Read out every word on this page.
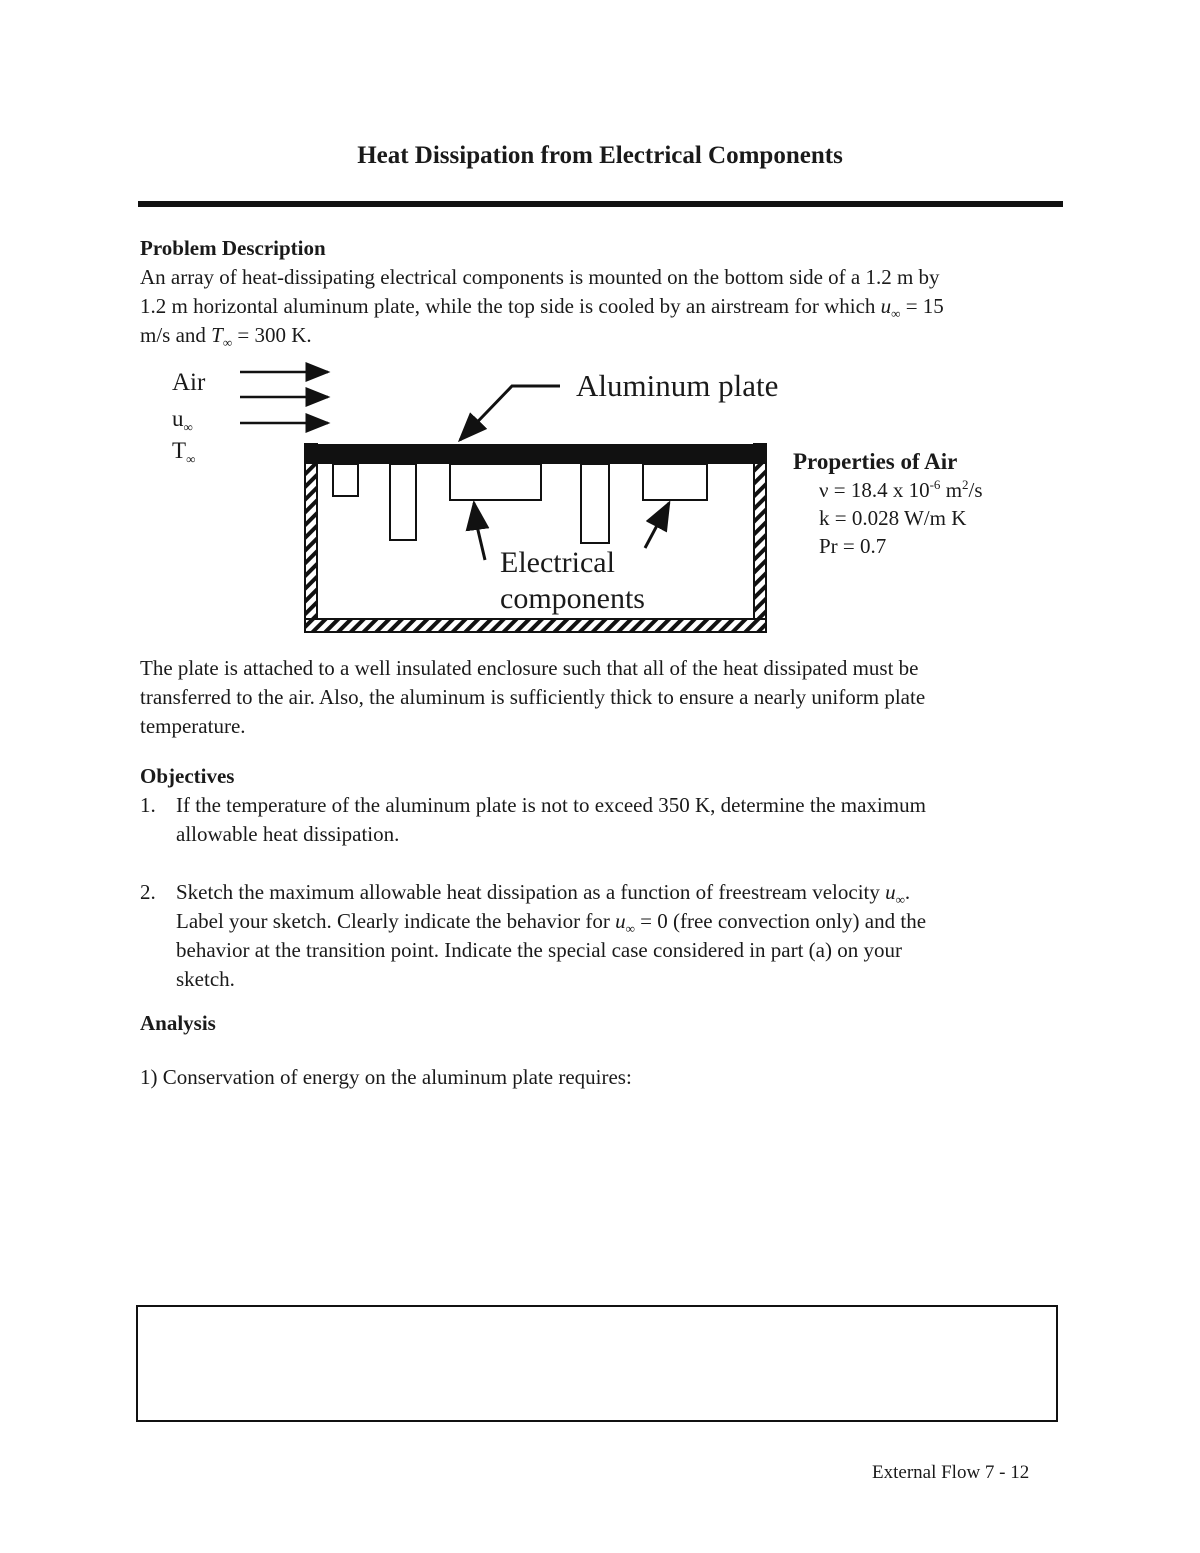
Heat Dissipation from Electrical Components
Problem Description
An array of heat-dissipating electrical components is mounted on the bottom side of a 1.2 m by
1.2 m horizontal aluminum plate, while the top side is cooled by an airstream for which $u_\infty = 15$
m/s and $T_\infty = 300$ K.
Air
$u_\infty$
$T_\infty$
Aluminum plate
Electrical
components
Properties of Air
ν = 18.4 x $10^{-6}$ $m^2/s$
k = 0.028 W/m K
Pr = 0.7
The plate is attached to a well insulated enclosure such that all of the heat dissipated must be
transferred to the air. Also, the aluminum is sufficiently thick to ensure a nearly uniform plate
temperature.
Objectives
1. If the temperature of the aluminum plate is not to exceed 350 K, determine the maximum
allowable heat dissipation.
2. Sketch the maximum allowable heat dissipation as a function of freestream velocity $u_\infty$.
Label your sketch. Clearly indicate the behavior for $u_\infty = 0$ (free convection only) and the
behavior at the transition point. Indicate the special case considered in part (a) on your
sketch.
Analysis
1) Conservation of energy on the aluminum plate requires:
External Flow 7 - 12
